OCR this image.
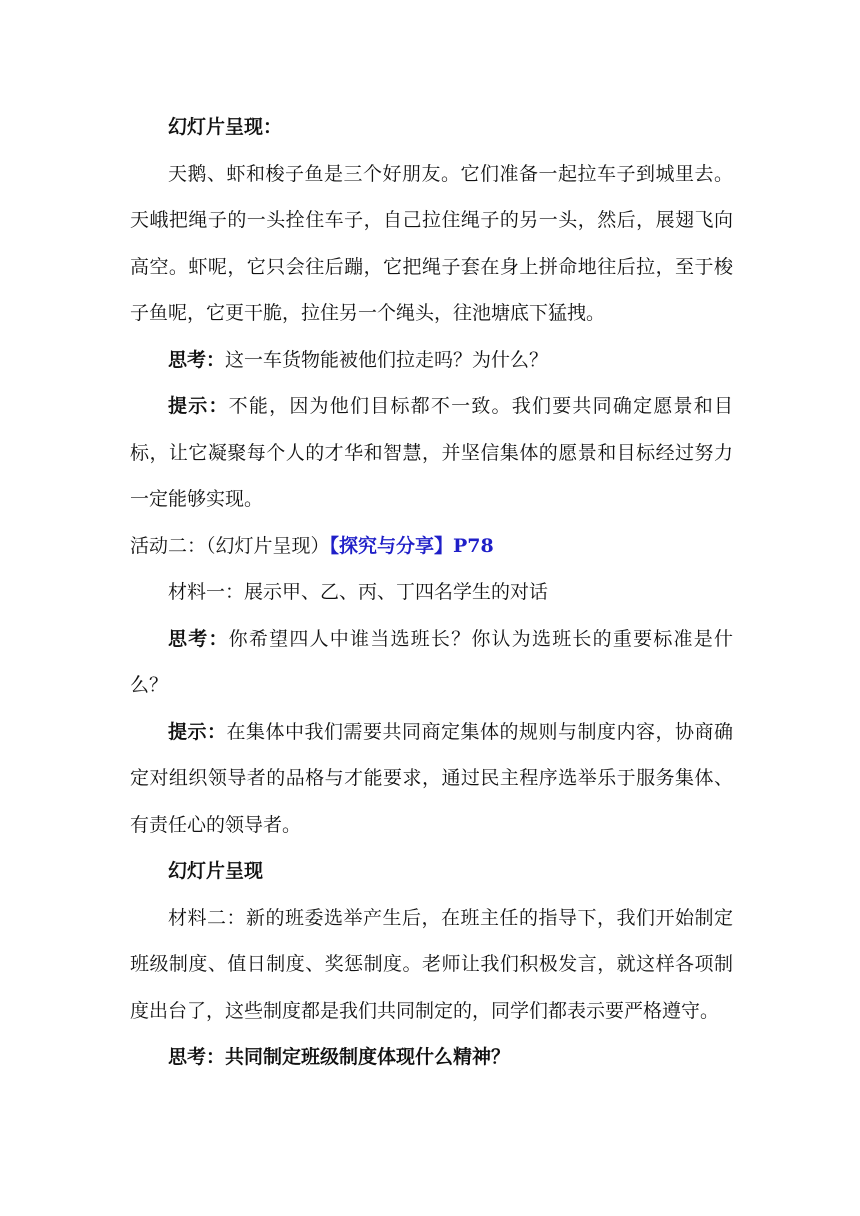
幻灯片呈现：

天鹅、虾和梭子鱼是三个好朋友。它们准备一起拉车子到城里去。天峨把绳子的一头拴住车子，自己拉住绳子的另一头，然后，展翅飞向高空。虾呢，它只会往后蹦，它把绳子套在身上拼命地往后拉，至于梭子鱼呢，它更干脆，拉住另一个绳头，往池塘底下猛拽。

思考：这一车货物能被他们拉走吗？为什么？

提示：不能，因为他们目标都不一致。我们要共同确定愿景和目标，让它凝聚每个人的才华和智慧，并坚信集体的愿景和目标经过努力一定能够实现。

活动二：（幻灯片呈现）【探究与分享】P78

材料一：展示甲、乙、丙、丁四名学生的对话

思考：你希望四人中谁当选班长？你认为选班长的重要标准是什么？

提示：在集体中我们需要共同商定集体的规则与制度内容，协商确定对组织领导者的品格与才能要求，通过民主程序选举乐于服务集体、有责任心的领导者。

幻灯片呈现

材料二：新的班委选举产生后，在班主任的指导下，我们开始制定班级制度、值日制度、奖惩制度。老师让我们积极发言，就这样各项制度出台了，这些制度都是我们共同制定的，同学们都表示要严格遵守。

思考：共同制定班级制度体现什么精神？
